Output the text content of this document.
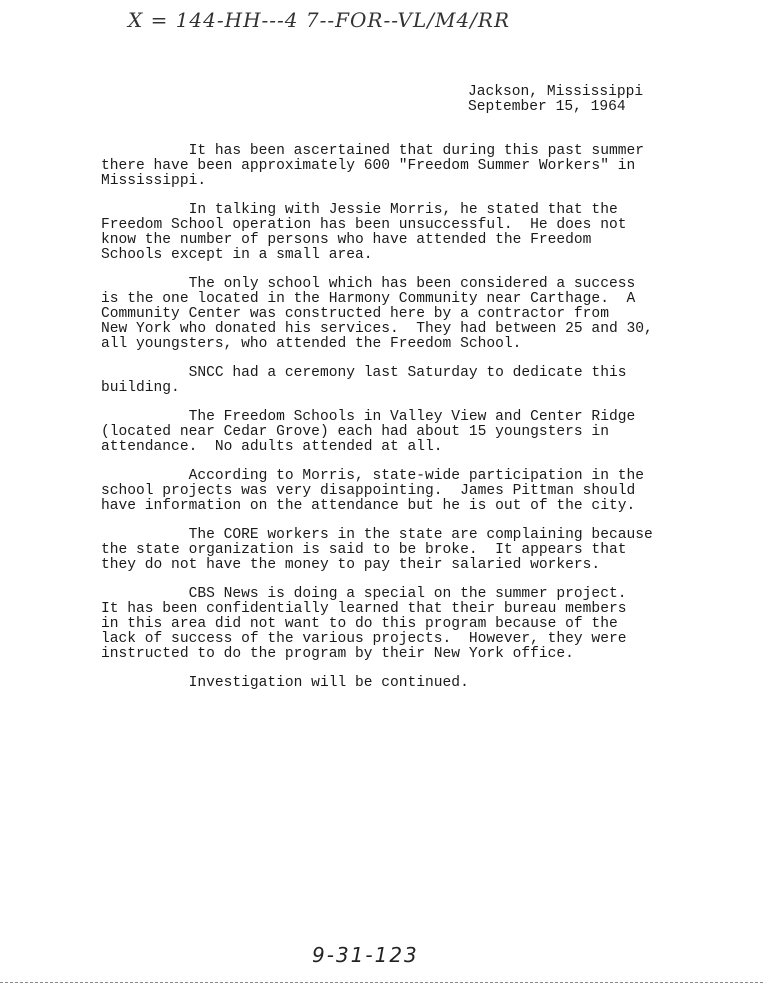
X = 144-HH---4 7--FOR--VL/M4/RR
Jackson, Mississippi
September 15, 1964

It has been ascertained that during this past summer
there have been approximately 600 "Freedom Summer Workers" in
Mississippi.

In talking with Jessie Morris, he stated that the
Freedom School operation has been unsuccessful.  He does not
know the number of persons who have attended the Freedom
Schools except in a small area.

The only school which has been considered a success
is the one located in the Harmony Community near Carthage.  A
Community Center was constructed here by a contractor from
New York who donated his services.  They had between 25 and 30,
all youngsters, who attended the Freedom School.

SNCC had a ceremony last Saturday to dedicate this
building.

The Freedom Schools in Valley View and Center Ridge
(located near Cedar Grove) each had about 15 youngsters in
attendance.  No adults attended at all.

According to Morris, state-wide participation in the
school projects was very disappointing.  James Pittman should
have information on the attendance but he is out of the city.

The CORE workers in the state are complaining because
the state organization is said to be broke.  It appears that
they do not have the money to pay their salaried workers.

CBS News is doing a special on the summer project.
It has been confidentially learned that their bureau members
in this area did not want to do this program because of the
lack of success of the various projects.  However, they were
instructed to do the program by their New York office.

Investigation will be continued.

9-31-123
